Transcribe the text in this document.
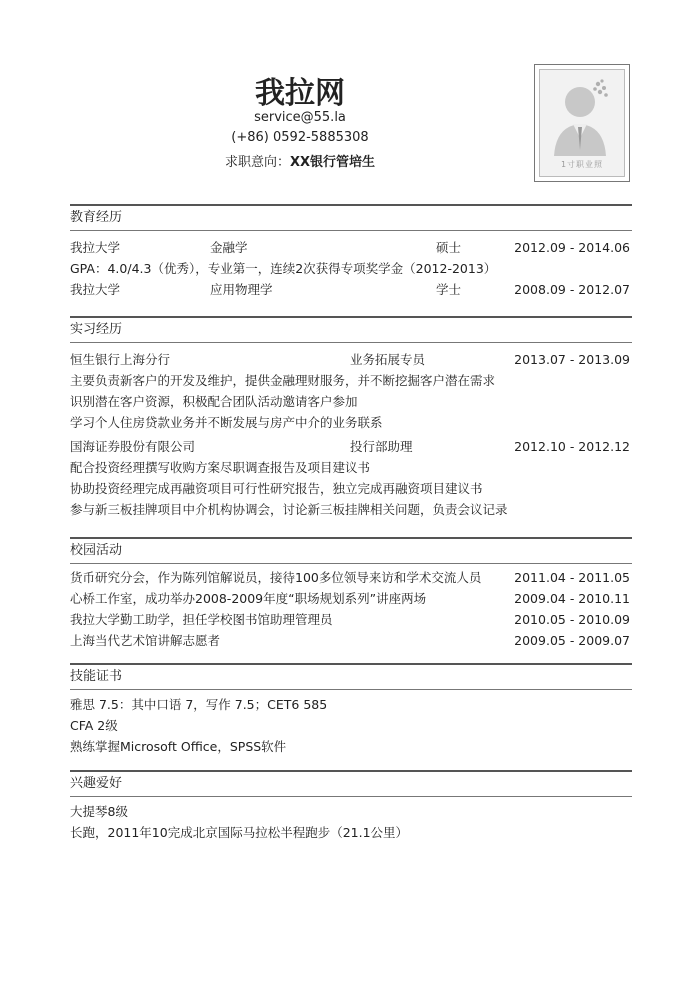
我拉网
service@55.la
(+86) 0592-5885308
求职意向：XX银行管培生	1寸职业照
教育经历
我拉大学	金融学	硕士	2012.09 - 2014.06
GPA：4.0/4.3（优秀），专业第一，连续2次获得专项奖学金（2012-2013）
我拉大学	应用物理学	学士	2008.09 - 2012.07
实习经历
恒生银行上海分行	业务拓展专员	2013.07 - 2013.09
主要负责新客户的开发及维护，提供金融理财服务，并不断挖掘客户潜在需求
识别潜在客户资源，积极配合团队活动邀请客户参加
学习个人住房贷款业务并不断发展与房产中介的业务联系
国海证券股份有限公司	投行部助理	2012.10 - 2012.12
配合投资经理撰写收购方案尽职调查报告及项目建议书
协助投资经理完成再融资项目可行性研究报告，独立完成再融资项目建议书
参与新三板挂牌项目中介机构协调会，讨论新三板挂牌相关问题，负责会议记录
校园活动
货币研究分会，作为陈列馆解说员，接待100多位领导来访和学术交流人员	2011.04 - 2011.05
心桥工作室，成功举办2008-2009年度“职场规划系列”讲座两场	2009.04 - 2010.11
我拉大学勤工助学，担任学校图书馆助理管理员	2010.05 - 2010.09
上海当代艺术馆讲解志愿者	2009.05 - 2009.07
技能证书
雅思 7.5：其中口语 7，写作 7.5；CET6 585
CFA 2级
熟练掌握Microsoft Office，SPSS软件
兴趣爱好
大提琴8级
长跑，2011年10完成北京国际马拉松半程跑步（21.1公里）
